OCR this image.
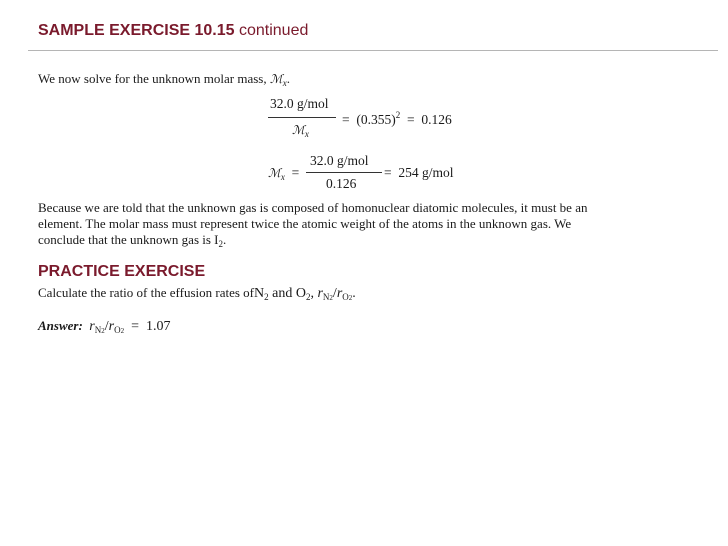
SAMPLE EXERCISE 10.15 continued
We now solve for the unknown molar mass, ℳ$_x$.
32.0 g/mol
ℳ$_x$
= $(0.355)^2 = 0.126$
ℳ$_x$ =
32.0 g/mol
0.126
= 254 g/mol
Because we are told that the unknown gas is composed of homonuclear diatomic molecules, it must be an
element. The molar mass must represent twice the atomic weight of the atoms in the unknown gas. We
conclude that the unknown gas is $I_2$.
PRACTICE EXERCISE
Calculate the ratio of the effusion rates ofN$_2$ and $O_2$, $r_{N2}/r_{O2}$.
Answer: $r_{N2}/r_{O2} = 1.07$
